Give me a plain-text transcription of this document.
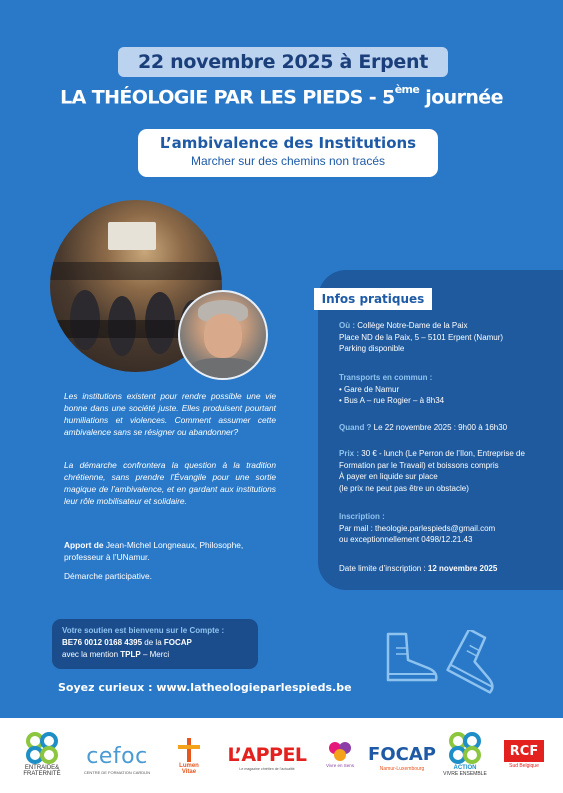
22 novembre 2025 à Erpent
LA THÉOLOGIE PAR LES PIEDS - 5ème journée
L’ambivalence des Institutions
Marcher sur des chemins non tracés
Les institutions existent pour rendre possible une vie bonne dans une société juste. Elles produisent pourtant humiliations et violences. Comment assumer cette ambivalence sans se résigner ou abandonner?
La démarche confrontera la question à la tradition chrétienne, sans prendre l’Évangile pour une sortie magique de l’ambivalence, et en gardant aux institutions leur rôle mobilisateur et solidaire.
Apport de Jean-Michel Longneaux, Philosophe, professeur à l’UNamur.
Démarche participative.
Infos pratiques
Où : Collège Notre-Dame de la Paix
Place ND de la Paix, 5 – 5101 Erpent (Namur)
Parking disponible
Transports en commun :
• Gare de Namur
• Bus A – rue Rogier – à 8h34
Quand ? Le 22 novembre 2025 : 9h00 à 16h30
Prix : 30 € - lunch (Le Perron de l’Ilon, Entreprise de
Formation par le Travail) et boissons compris
À payer en liquide sur place
(le prix ne peut pas être un obstacle)
Inscription :
Par mail : theologie.parlespieds@gmail.com
ou exceptionnellement 0498/12.21.43
Date limite d’inscription : 12 novembre 2025
Votre soutien est bienvenu sur le Compte :
BE76 0012 0168 4395 de la FOCAP
avec la mention TPLP – Merci
Soyez curieux : www.latheologieparlespieds.be
ENTRAIDE&
FRATERNITÉ
cefoc
CENTRE DE FORMATION CARDIJN
Lumen
Vitae
L’APPEL
Le magazine chrétien de l’actualité
Vivre en Sens
FOCAP
Namur-Luxembourg	ACTION
VIVRE ENSEMBLE
RCF
Sud Belgique
